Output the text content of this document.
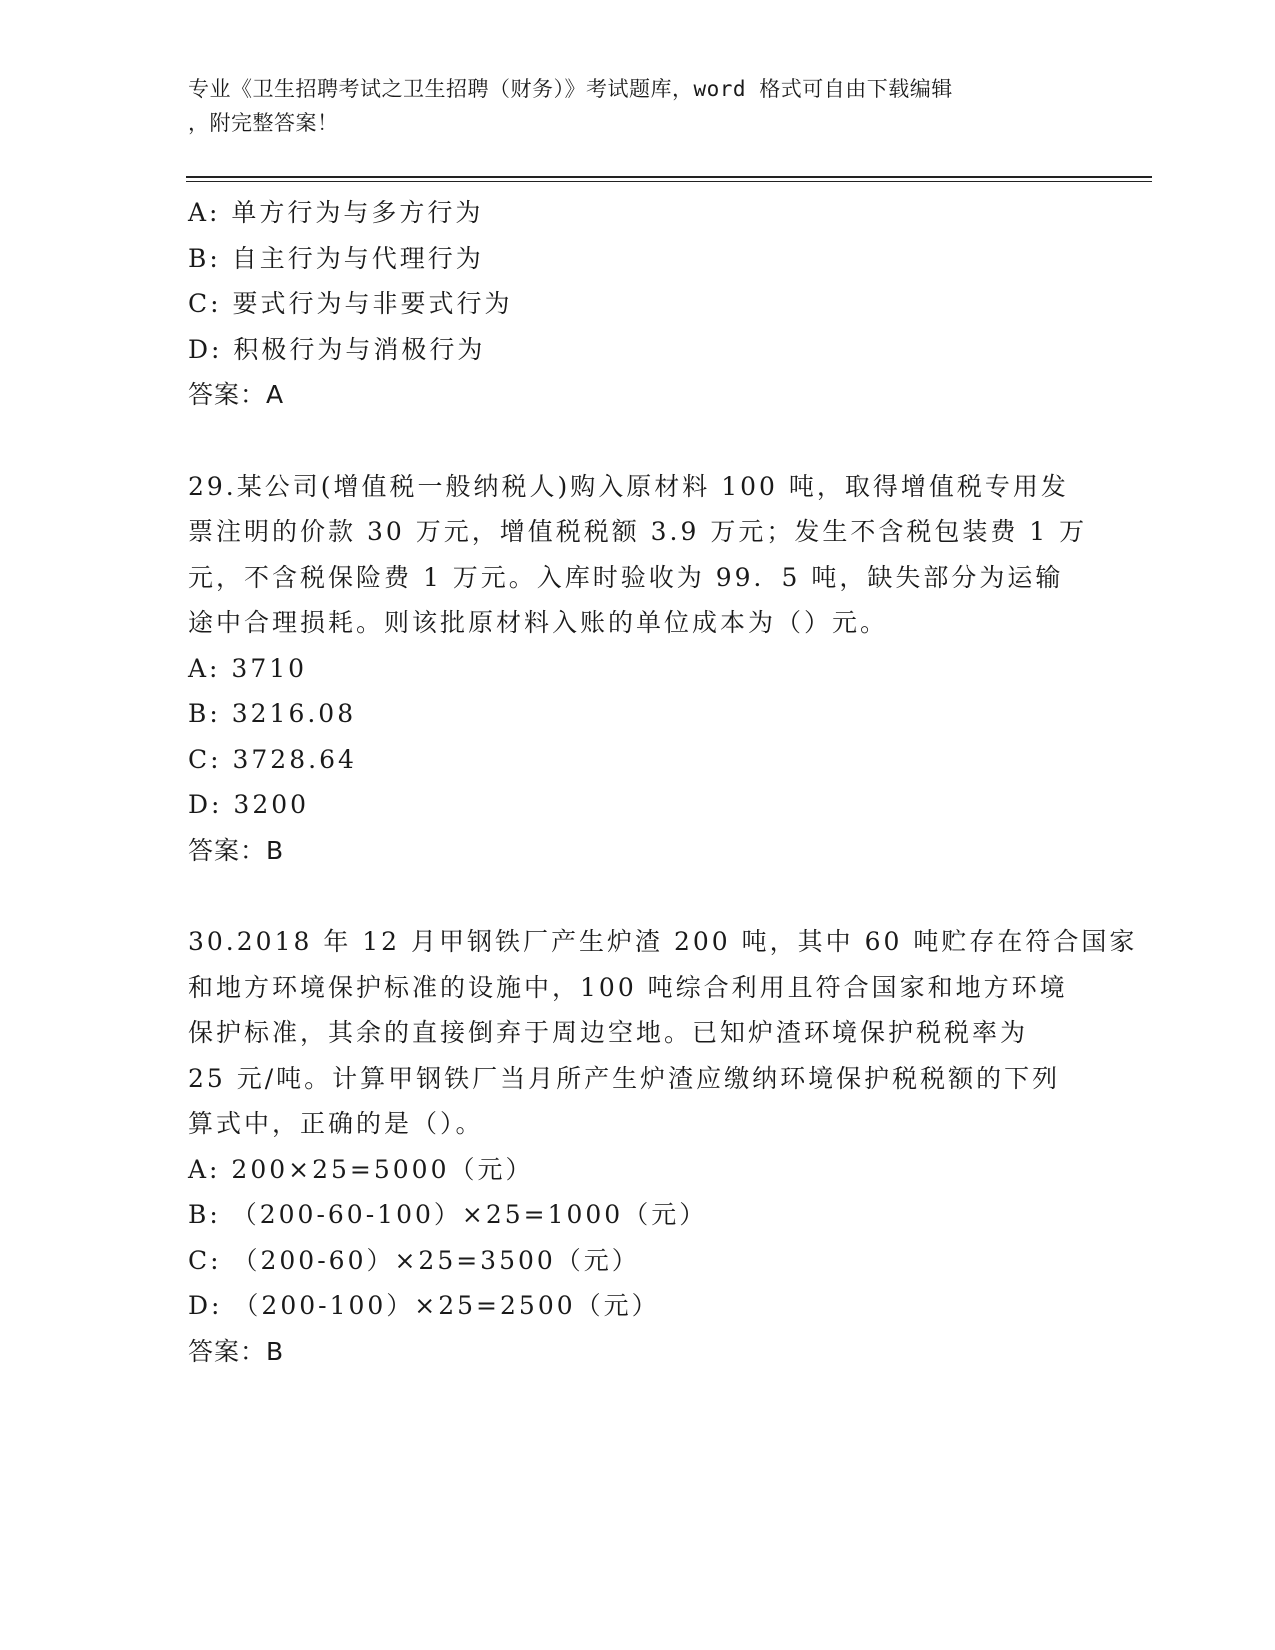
专业《卫生招聘考试之卫生招聘（财务）》考试题库，word 格式可自由下载编辑
，附完整答案！
A: 单方行为与多方行为
B: 自主行为与代理行为
C: 要式行为与非要式行为
D: 积极行为与消极行为
答案：A
29.某公司(增值税一般纳税人)购入原材料 100 吨，取得增值税专用发
票注明的价款 30 万元，增值税税额 3.9 万元；发生不含税包装费 1 万
元，不含税保险费 1 万元。入库时验收为 99．5 吨，缺失部分为运输
途中合理损耗。则该批原材料入账的单位成本为（）元。
A: 3710
B: 3216.08
C: 3728.64
D: 3200
答案：B
30.2018 年 12 月甲钢铁厂产生炉渣 200 吨，其中 60 吨贮存在符合国家
和地方环境保护标准的设施中，100 吨综合利用且符合国家和地方环境
保护标准，其余的直接倒弃于周边空地。已知炉渣环境保护税税率为
25 元/吨。计算甲钢铁厂当月所产生炉渣应缴纳环境保护税税额的下列
算式中，正确的是（）。
A: 200×25=5000（元）
B: （200-60-100）×25=1000（元）
C: （200-60）×25=3500（元）
D: （200-100）×25=2500（元）
答案：B
